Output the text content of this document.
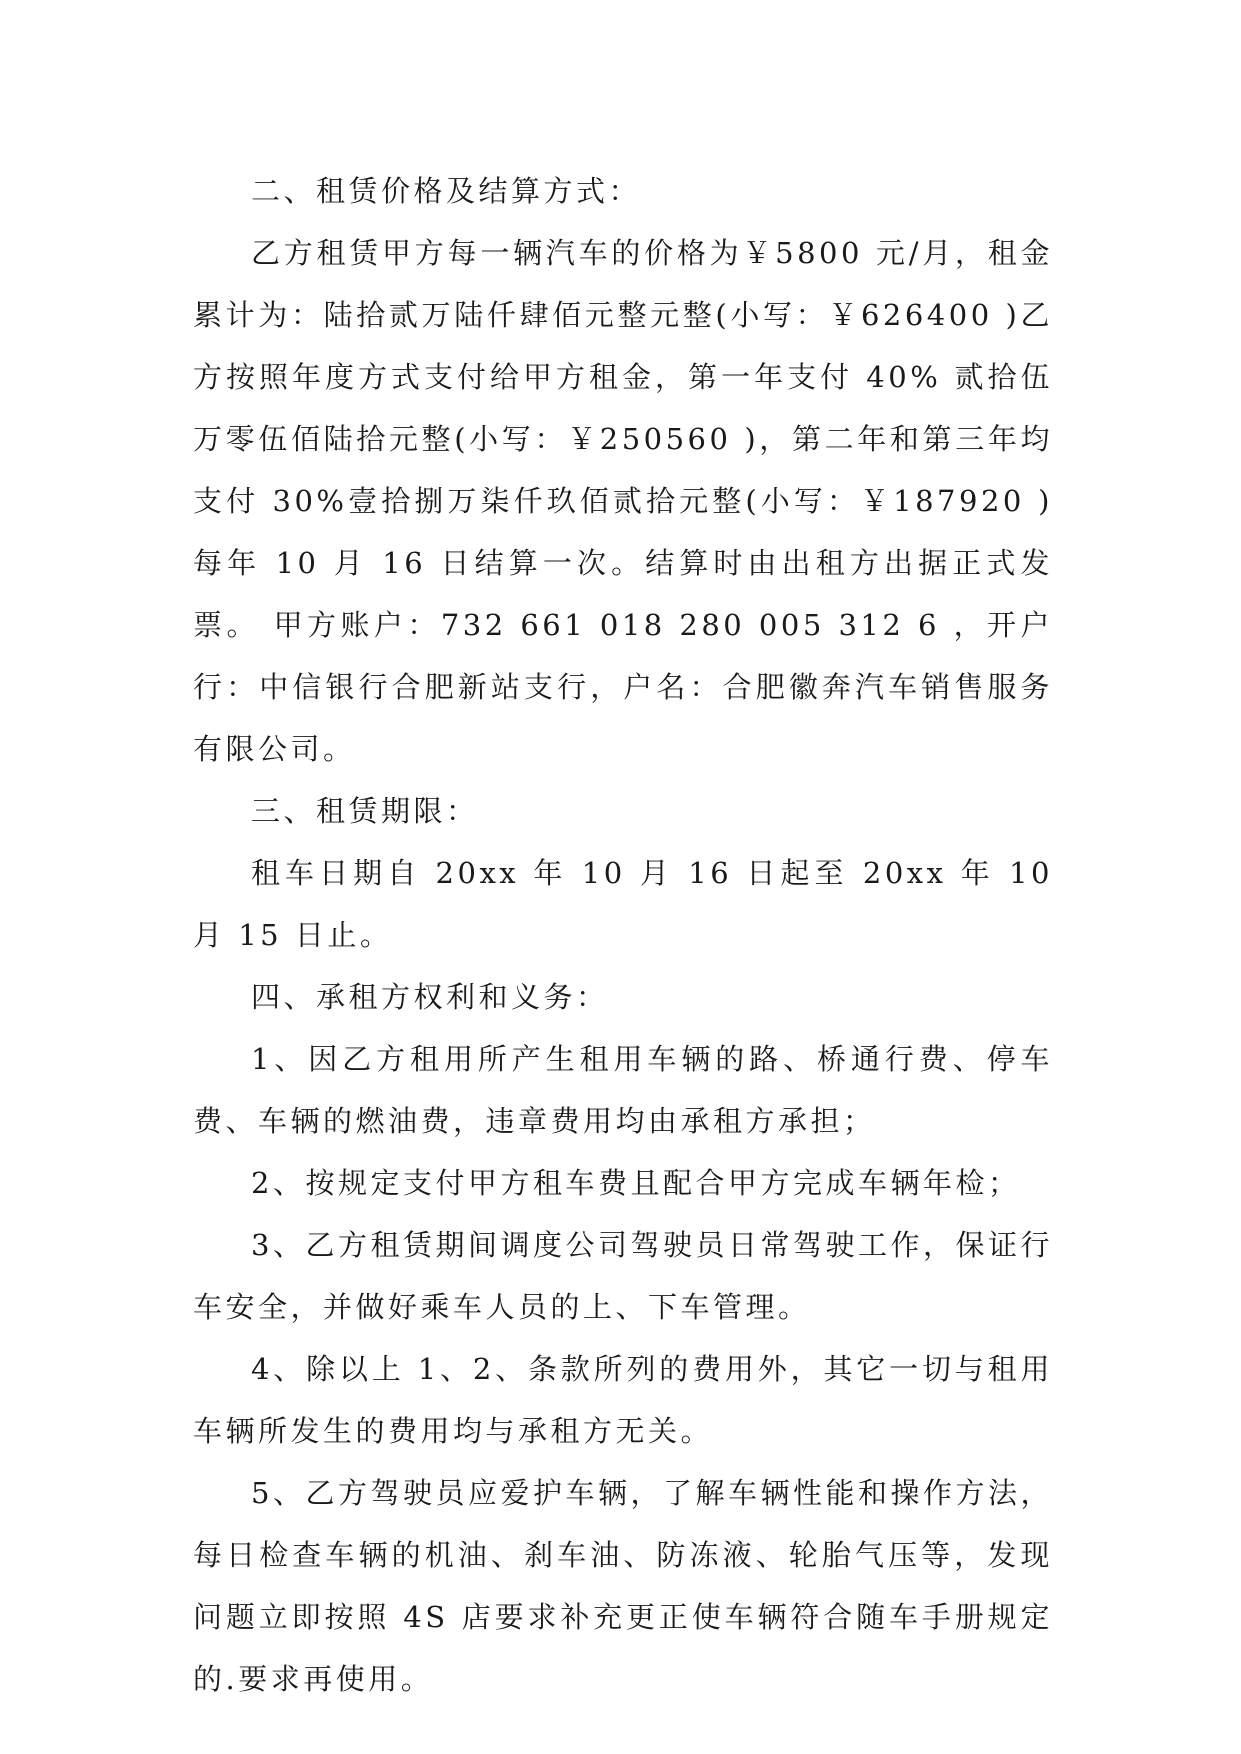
二、租赁价格及结算方式：

乙方租赁甲方每一辆汽车的价格为￥5800 元/月，租金累计为：陆拾贰万陆仟肆佰元整元整(小写：￥626400 )乙方按照年度方式支付给甲方租金，第一年支付 40% 贰拾伍万零伍佰陆拾元整(小写：￥250560 )，第二年和第三年均支付 30%壹拾捌万柒仟玖佰贰拾元整(小写：￥187920 )每年 10 月 16 日结算一次。结算时由出租方出据正式发票。 甲方账户：732 661 018 280 005 312 6 ，开户行：中信银行合肥新站支行，户名：合肥徽奔汽车销售服务有限公司。

三、租赁期限：

租车日期自 20xx 年 10 月 16 日起至 20xx 年 10 月 15 日止。

四、承租方权利和义务：

1、因乙方租用所产生租用车辆的路、桥通行费、停车费、车辆的燃油费，违章费用均由承租方承担；

2、按规定支付甲方租车费且配合甲方完成车辆年检；

3、乙方租赁期间调度公司驾驶员日常驾驶工作，保证行车安全，并做好乘车人员的上、下车管理。

4、除以上 1、2、条款所列的费用外，其它一切与租用车辆所发生的费用均与承租方无关。

5、乙方驾驶员应爱护车辆，了解车辆性能和操作方法，每日检查车辆的机油、刹车油、防冻液、轮胎气压等，发现问题立即按照 4S 店要求补充更正使车辆符合随车手册规定的.要求再使用。
